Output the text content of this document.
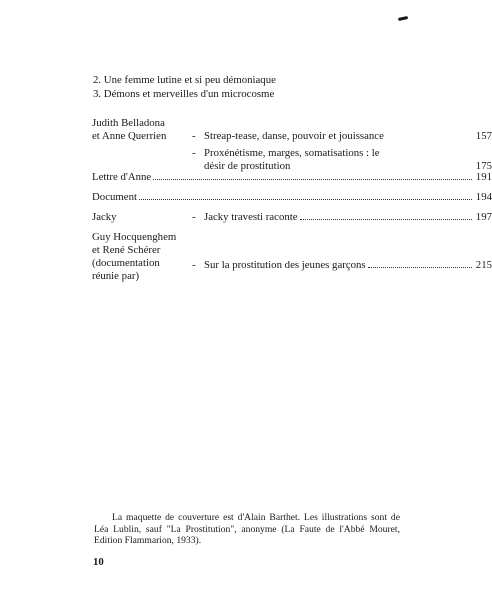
2. Une femme lutine et si peu démoniaque
3. Démons et merveilles d'un microcosme
Judith Belladona
et Anne Querrien	- Streap-tease, danse, pouvoir et jouissance	157
- Proxénétisme, marges, somatisations : le
désir de prostitution	175
Lettre d'Anne	191
Document	194
Jacky	- Jacky travesti raconte	197
Guy Hocquenghem
et René Schérer
(documentation
réunie par)
- Sur la prostitution des jeunes garçons	215
La maquette de couverture est d'Alain Barthet. Les illustrations sont de Léa Lublin, sauf "La Prostitution", anonyme (La Faute de l'Abbé Mouret, Edition Flammarion, 1933).
10
